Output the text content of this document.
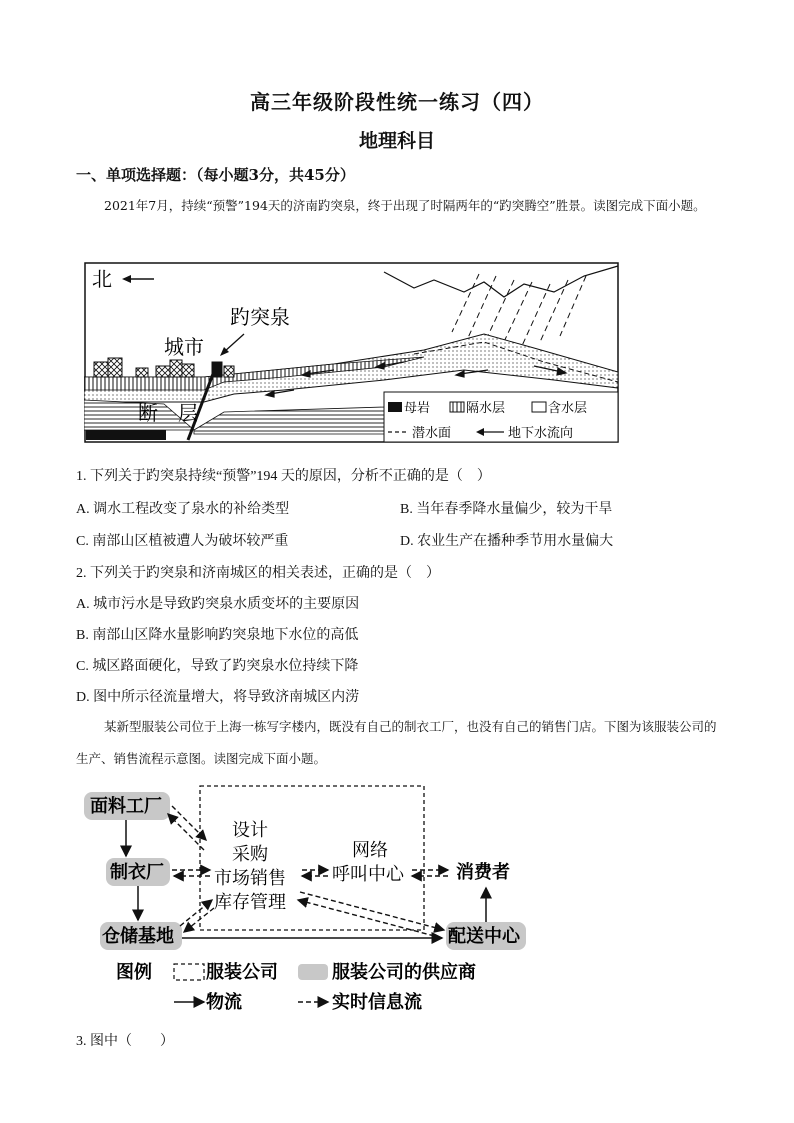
高三年级阶段性统一练习（四）
地理科目
一、单项选择题：（每小题3分，共45分）
2021年7月，持续“预警”194天的济南趵突泉，终于出现了时隔两年的“趵突腾空”胜景。读图完成下面小题。
北
趵突泉
城市
断　层	母岩	隔水层	含水层
潜水面	地下水流向
1. 下列关于趵突泉持续“预警”194 天的原因，分析不正确的是（　）
A. 调水工程改变了泉水的补给类型	B. 当年春季降水量偏少，较为干旱
C. 南部山区植被遭人为破坏较严重	D. 农业生产在播种季节用水量偏大
2. 下列关于趵突泉和济南城区的相关表述，正确的是（　）
A. 城市污水是导致趵突泉水质变坏的主要原因
B. 南部山区降水量影响趵突泉地下水位的高低
C. 城区路面硬化，导致了趵突泉水位持续下降
D. 图中所示径流量增大，将导致济南城区内涝
某新型服装公司位于上海一栋写字楼内，既没有自己的制衣工厂，也没有自己的销售门店。下图为该服装公司的生产、销售流程示意图。读图完成下面小题。
面料工厂
制衣厂
仓储基地	配送中心
设计
采购
市场销售
库存管理
网络
呼叫中心	消费者
图例	服装公司	服装公司的供应商
物流	实时信息流
3. 图中（　　）
